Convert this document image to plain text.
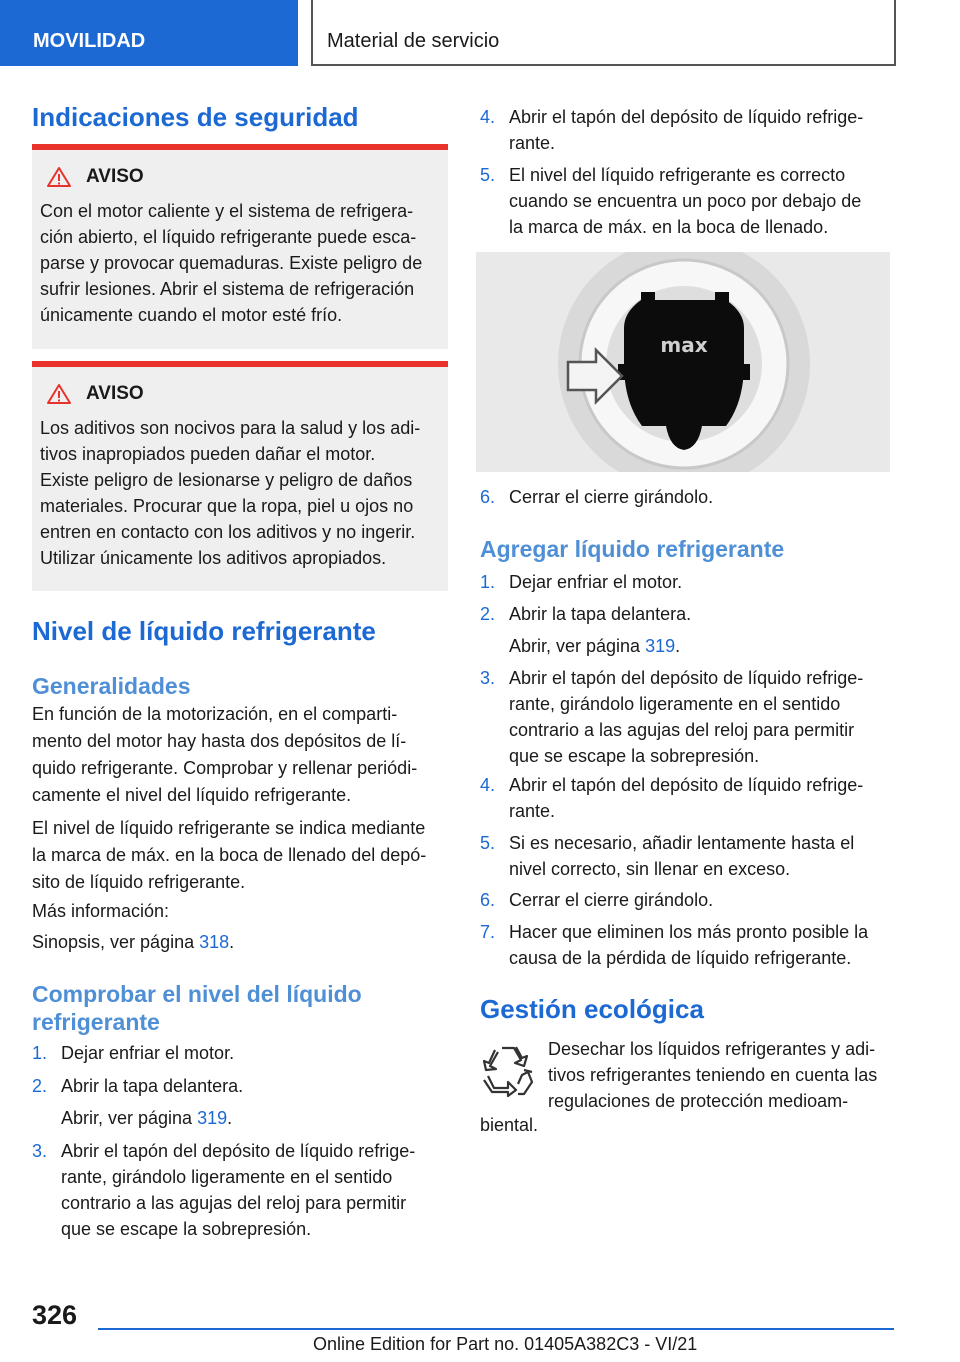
MOVILIDAD	Material de servicio
Indicaciones de seguridad
AVISO
Con el motor caliente y el sistema de refrigera‐
ción abierto, el líquido refrigerante puede esca‐
parse y provocar quemaduras. Existe peligro de
sufrir lesiones. Abrir el sistema de refrigeración
únicamente cuando el motor esté frío.
AVISO
Los aditivos son nocivos para la salud y los adi‐
tivos inapropiados pueden dañar el motor.
Existe peligro de lesionarse y peligro de daños
materiales. Procurar que la ropa, piel u ojos no
entren en contacto con los aditivos y no ingerir.
Utilizar únicamente los aditivos apropiados.
Nivel de líquido refrigerante
Generalidades
En función de la motorización, en el comparti‐
mento del motor hay hasta dos depósitos de lí‐
quido refrigerante. Comprobar y rellenar periódi‐
camente el nivel del líquido refrigerante.
El nivel de líquido refrigerante se indica mediante
la marca de máx. en la boca de llenado del depó‐
sito de líquido refrigerante.
Más información:
Sinopsis, ver página 318.
Comprobar el nivel del líquido
refrigerante
1. Dejar enfriar el motor.
2. Abrir la tapa delantera.
Abrir, ver página 319.
3. Abrir el tapón del depósito de líquido refrige‐
rante, girándolo ligeramente en el sentido
contrario a las agujas del reloj para permitir
que se escape la sobrepresión.
4. Abrir el tapón del depósito de líquido refrige‐
rante.
5. El nivel del líquido refrigerante es correcto
cuando se encuentra un poco por debajo de
la marca de máx. en la boca de llenado.
max
6. Cerrar el cierre girándolo.
Agregar líquido refrigerante
1. Dejar enfriar el motor.
2. Abrir la tapa delantera.
Abrir, ver página 319.
3. Abrir el tapón del depósito de líquido refrige‐
rante, girándolo ligeramente en el sentido
contrario a las agujas del reloj para permitir
que se escape la sobrepresión.
4. Abrir el tapón del depósito de líquido refrige‐
rante.
5. Si es necesario, añadir lentamente hasta el
nivel correcto, sin llenar en exceso.
6. Cerrar el cierre girándolo.
7. Hacer que eliminen los más pronto posible la
causa de la pérdida de líquido refrigerante.
Gestión ecológica
Desechar los líquidos refrigerantes y adi‐
tivos refrigerantes teniendo en cuenta las
regulaciones de protección medioam‐
biental.
326
Online Edition for Part no. 01405A382C3 - VI/21
